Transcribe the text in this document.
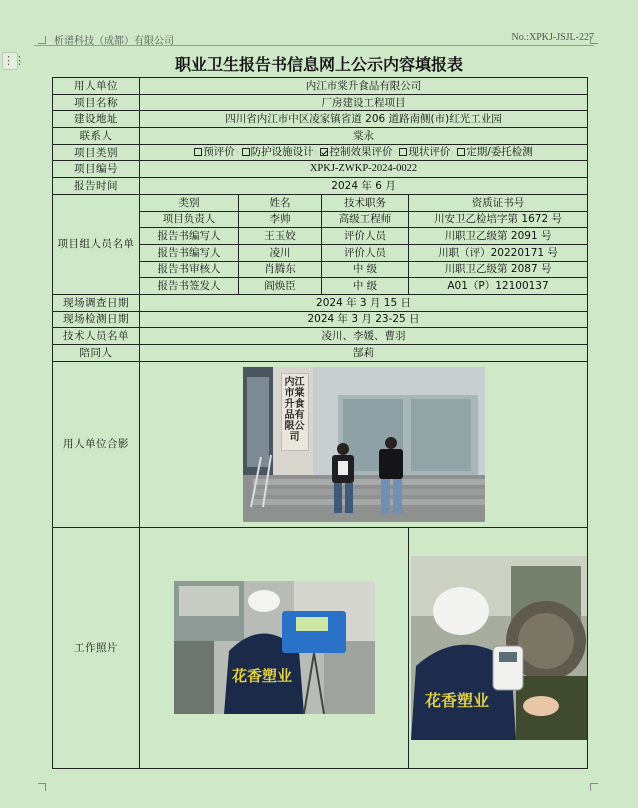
析谱科技（成都）有限公司	No.:XPKJ-JSJL-227
⋮⋮	职业卫生报告书信息网上公示内容填报表
用人单位	内江市棠升食品有限公司			
项目名称	厂房建设工程项目			
建设地址	四川省内江市中区凌家镇省道 206 道路南侧(市)红光工业园			
联系人	棠永			
项目类别	预评价· 防护设施设计· 控制效果评价· 现状评价· 定期/委托检测			
项目编号	XPKJ-ZWKP-2024-0022			
报告时间	2024 年 6 月			
项目组人员名单	类别	姓名	技术职务	资质证书号
	项目负责人	李帅	高级工程师	川安卫乙检培字第 1672 号
	报告书编写人	王玉姣	评价人员	川职卫乙级第 2091 号
	报告书编写人	凌川	评价人员	川职（评）20220171 号
	报告书审核人	肖腾东	中 级	川职卫乙级第 2087 号
	报告书签发人	阎焕臣	中 级	A01（P）12100137
现场调查日期	2024 年 3 月 15 日			
现场检测日期	2024 年 3 月 23-25 日			
技术人员名单	凌川、李媛、曹羽			
陪同人	郜莉			
用人单位合影	内江市棠升食品有限公司			

工作照片	花香塑业			花香塑业
